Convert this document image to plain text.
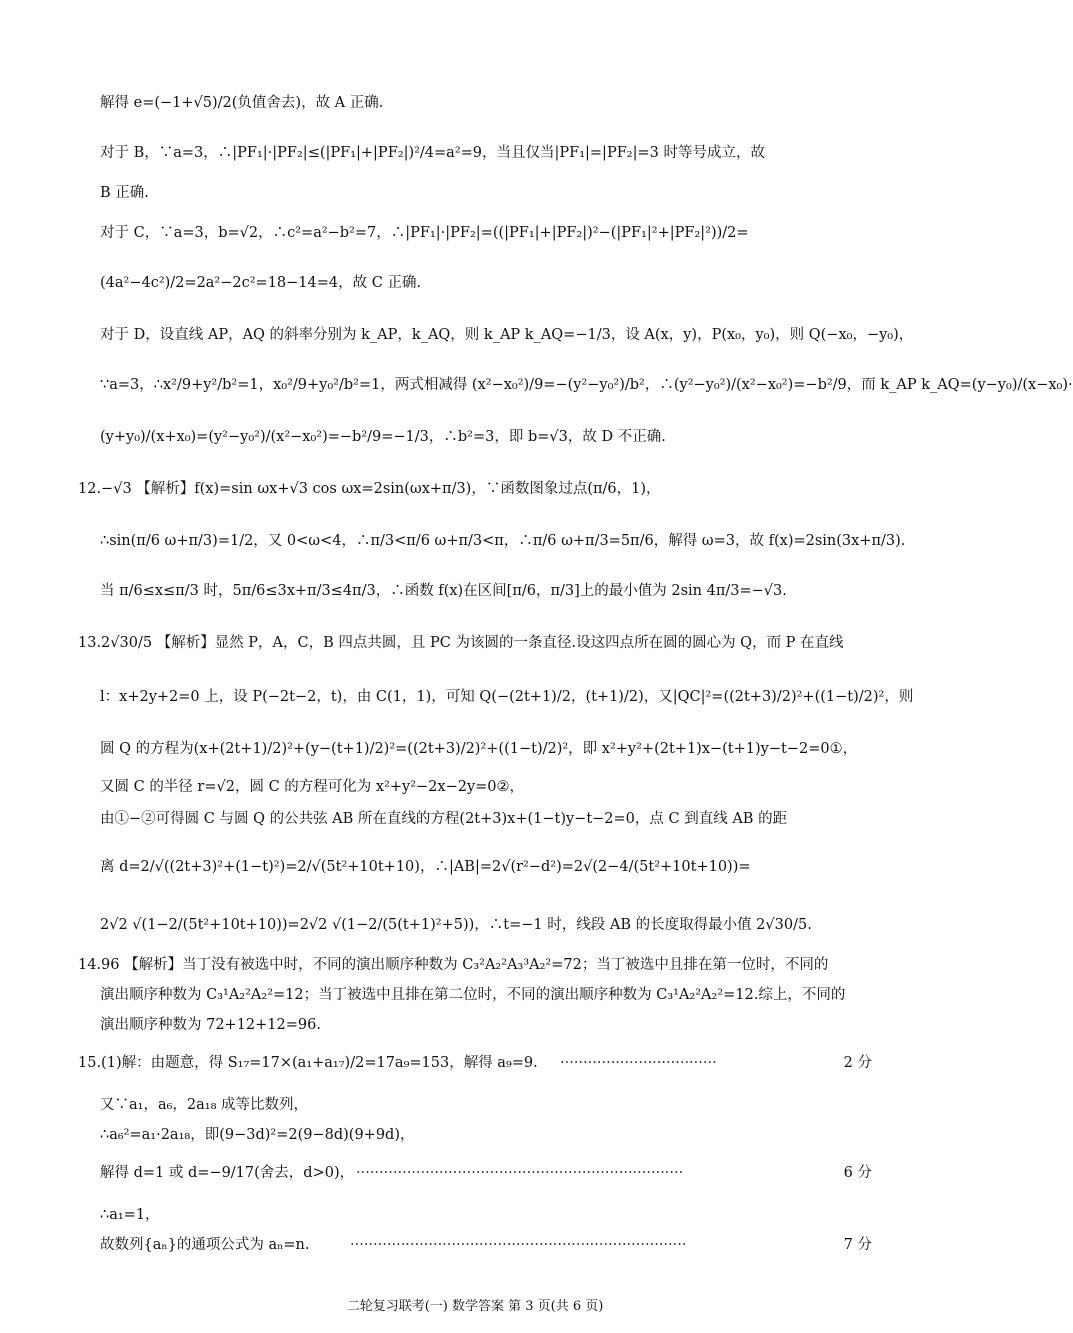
解得 e=(−1+√5)/2(负值舍去)，故 A 正确.
对于 B，∵a=3，∴|PF₁|·|PF₂|≤(|PF₁|+|PF₂|)²/4=a²=9，当且仅当|PF₁|=|PF₂|=3 时等号成立，故
B 正确.
对于 C，∵a=3，b=√2，∴c²=a²−b²=7，∴|PF₁|·|PF₂|=((|PF₁|+|PF₂|)²−(|PF₁|²+|PF₂|²))/2=
(4a²−4c²)/2=2a²−2c²=18−14=4，故 C 正确.
对于 D，设直线 AP，AQ 的斜率分别为 k_AP，k_AQ，则 k_AP k_AQ=−1/3，设 A(x，y)，P(x₀，y₀)，则 Q(−x₀，−y₀)，
∵a=3，∴x²/9+y²/b²=1，x₀²/9+y₀²/b²=1，两式相减得 (x²−x₀²)/9=−(y²−y₀²)/b²，∴(y²−y₀²)/(x²−x₀²)=−b²/9，而 k_AP k_AQ=(y−y₀)/(x−x₀)·
(y+y₀)/(x+x₀)=(y²−y₀²)/(x²−x₀²)=−b²/9=−1/3，∴b²=3，即 b=√3，故 D 不正确.
12.−√3 【解析】f(x)=sin ωx+√3 cos ωx=2sin(ωx+π/3)，∵函数图象过点(π/6，1)，
∴sin(π/6 ω+π/3)=1/2，又 0<ω<4，∴π/3<π/6 ω+π/3<π，∴π/6 ω+π/3=5π/6，解得 ω=3，故 f(x)=2sin(3x+π/3).
当 π/6≤x≤π/3 时，5π/6≤3x+π/3≤4π/3，∴函数 f(x)在区间[π/6，π/3]上的最小值为 2sin 4π/3=−√3.
13.2√30/5 【解析】显然 P，A，C，B 四点共圆，且 PC 为该圆的一条直径.设这四点所在圆的圆心为 Q，而 P 在直线
l：x+2y+2=0 上，设 P(−2t−2，t)，由 C(1，1)，可知 Q(−(2t+1)/2，(t+1)/2)，又|QC|²=((2t+3)/2)²+((1−t)/2)²，则
圆 Q 的方程为(x+(2t+1)/2)²+(y−(t+1)/2)²=((2t+3)/2)²+((1−t)/2)²，即 x²+y²+(2t+1)x−(t+1)y−t−2=0①，
又圆 C 的半径 r=√2，圆 C 的方程可化为 x²+y²−2x−2y=0②，
由①−②可得圆 C 与圆 Q 的公共弦 AB 所在直线的方程(2t+3)x+(1−t)y−t−2=0，点 C 到直线 AB 的距
离 d=2/√((2t+3)²+(1−t)²)=2/√(5t²+10t+10)，∴|AB|=2√(r²−d²)=2√(2−4/(5t²+10t+10))=
2√2 √(1−2/(5t²+10t+10))=2√2 √(1−2/(5(t+1)²+5))，∴t=−1 时，线段 AB 的长度取得最小值 2√30/5.
14.96 【解析】当丁没有被选中时，不同的演出顺序种数为 C₃²A₂²A₃³A₂²=72；当丁被选中且排在第一位时，不同的
演出顺序种数为 C₃¹A₂²A₂²=12；当丁被选中且排在第二位时，不同的演出顺序种数为 C₃¹A₂²A₂²=12.综上，不同的
演出顺序种数为 72+12+12=96.
15.(1)解：由题意，得 S₁₇=17×(a₁+a₁₇)/2=17a₉=153，解得 a₉=9.	··································	2 分
又∵a₁，a₆，2a₁₈ 成等比数列，
∴a₆²=a₁·2a₁₈，即(9−3d)²=2(9−8d)(9+9d)，
解得 d=1 或 d=−9/17(舍去，d>0)， ·······································································	6 分
∴a₁=1，
故数列{aₙ}的通项公式为 aₙ=n.	·········································································	7 分
二轮复习联考(一) 数学答案 第 3 页(共 6 页)
